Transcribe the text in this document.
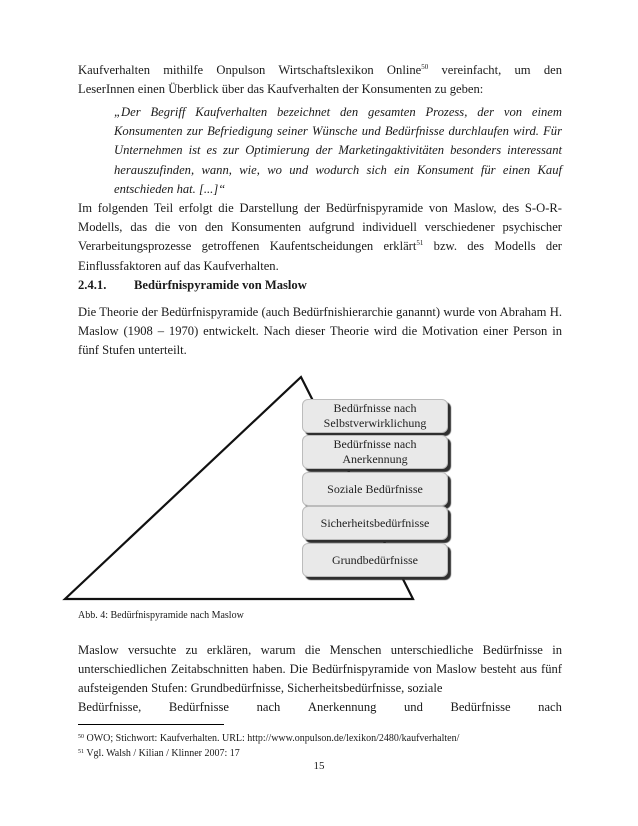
Kaufverhalten mithilfe Onpulson Wirtschaftslexikon Online$^{50}$ vereinfacht, um den

LeserInnen einen Überblick über das Kaufverhalten der Konsumenten zu geben:

„Der Begriff Kaufverhalten bezeichnet den gesamten Prozess, der von einem Konsumenten zur Befriedigung seiner Wünsche und Bedürfnisse durchlaufen wird. Für Unternehmen ist es zur Optimierung der Marketingaktivitäten besonders interessant herauszufinden, wann, wie, wo und wodurch sich ein Konsument für einen Kauf entschieden hat. [...]“

Im folgenden Teil erfolgt die Darstellung der Bedürfnispyramide von Maslow, des S-O-R-Modells, das die von den Konsumenten aufgrund individuell verschiedener psychischer Verarbeitungsprozesse getroffenen Kaufentscheidungen erklärt$^{51}$ bzw. des Modells der Einflussfaktoren auf das Kaufverhalten.

2.4.1. Bedürfnispyramide von Maslow

Die Theorie der Bedürfnispyramide (auch Bedürfnishierarchie ganannt) wurde von Abraham H. Maslow (1908 – 1970) entwickelt. Nach dieser Theorie wird die Motivation einer Person in fünf Stufen unterteilt.

Bedürfnisse nach Selbstverwirklichung
Bedürfnisse nach Anerkennung
Soziale Bedürfnisse
Sicherheitsbedürfnisse
Grundbedürfnisse

Abb. 4: Bedürfnispyramide nach Maslow

Maslow versuchte zu erklären, warum die Menschen unterschiedliche Bedürfnisse in unterschiedlichen Zeitabschnitten haben. Die Bedürfnispyramide von Maslow besteht aus fünf aufsteigenden Stufen: Grundbedürfnisse, Sicherheitsbedürfnisse, soziale

Bedürfnisse, Bedürfnisse nach Anerkennung und Bedürfnisse nach

$^{50}$ OWO; Stichwort: Kaufverhalten. URL: http://www.onpulson.de/lexikon/2480/kaufverhalten/

$^{51}$ Vgl. Walsh / Kilian / Klinner 2007: 17

15
